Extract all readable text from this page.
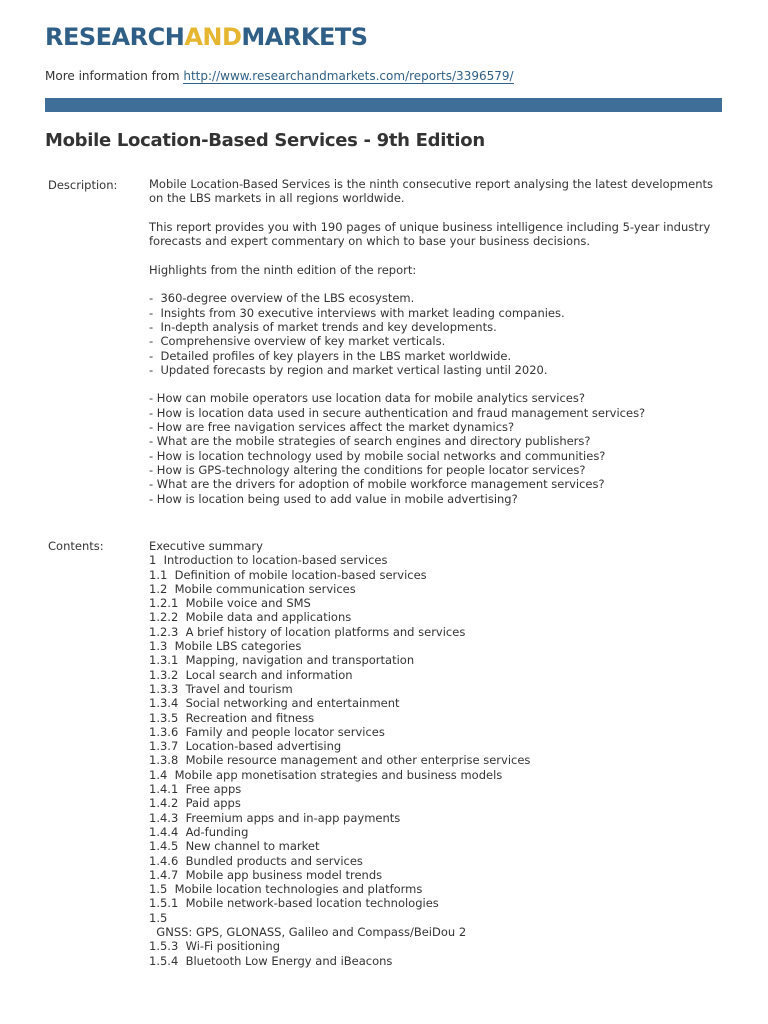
RESEARCHANDMARKETS
More information from http://www.researchandmarkets.com/reports/3396579/
Mobile Location-Based Services - 9th Edition
Description:	Mobile Location-Based Services is the ninth consecutive report analysing the latest developments on the LBS markets in all regions worldwide.

This report provides you with 190 pages of unique business intelligence including 5-year industry forecasts and expert commentary on which to base your business decisions.

Highlights from the ninth edition of the report:

-  360-degree overview of the LBS ecosystem.
-  Insights from 30 executive interviews with market leading companies.
-  In-depth analysis of market trends and key developments.
-  Comprehensive overview of key market verticals.
-  Detailed profiles of key players in the LBS market worldwide.
-  Updated forecasts by region and market vertical lasting until 2020.
- How can mobile operators use location data for mobile analytics services?
- How is location data used in secure authentication and fraud management services?
- How are free navigation services affect the market dynamics?
- What are the mobile strategies of search engines and directory publishers?
- How is location technology used by mobile social networks and communities?
- How is GPS-technology altering the conditions for people locator services?
- What are the drivers for adoption of mobile workforce management services?
- How is location being used to add value in mobile advertising?
Contents:	Executive summary
1  Introduction to location-based services
1.1  Definition of mobile location-based services
1.2  Mobile communication services
1.2.1  Mobile voice and SMS
1.2.2  Mobile data and applications
1.2.3  A brief history of location platforms and services
1.3  Mobile LBS categories
1.3.1  Mapping, navigation and transportation
1.3.2  Local search and information
1.3.3  Travel and tourism
1.3.4  Social networking and entertainment
1.3.5  Recreation and fitness
1.3.6  Family and people locator services
1.3.7  Location-based advertising
1.3.8  Mobile resource management and other enterprise services
1.4  Mobile app monetisation strategies and business models
1.4.1  Free apps
1.4.2  Paid apps
1.4.3  Freemium apps and in-app payments
1.4.4  Ad-funding
1.4.5  New channel to market
1.4.6  Bundled products and services
1.4.7  Mobile app business model trends
1.5  Mobile location technologies and platforms
1.5.1  Mobile network-based location technologies
1.5
GNSS: GPS, GLONASS, Galileo and Compass/BeiDou 2
1.5.3  Wi-Fi positioning
1.5.4  Bluetooth Low Energy and iBeacons
